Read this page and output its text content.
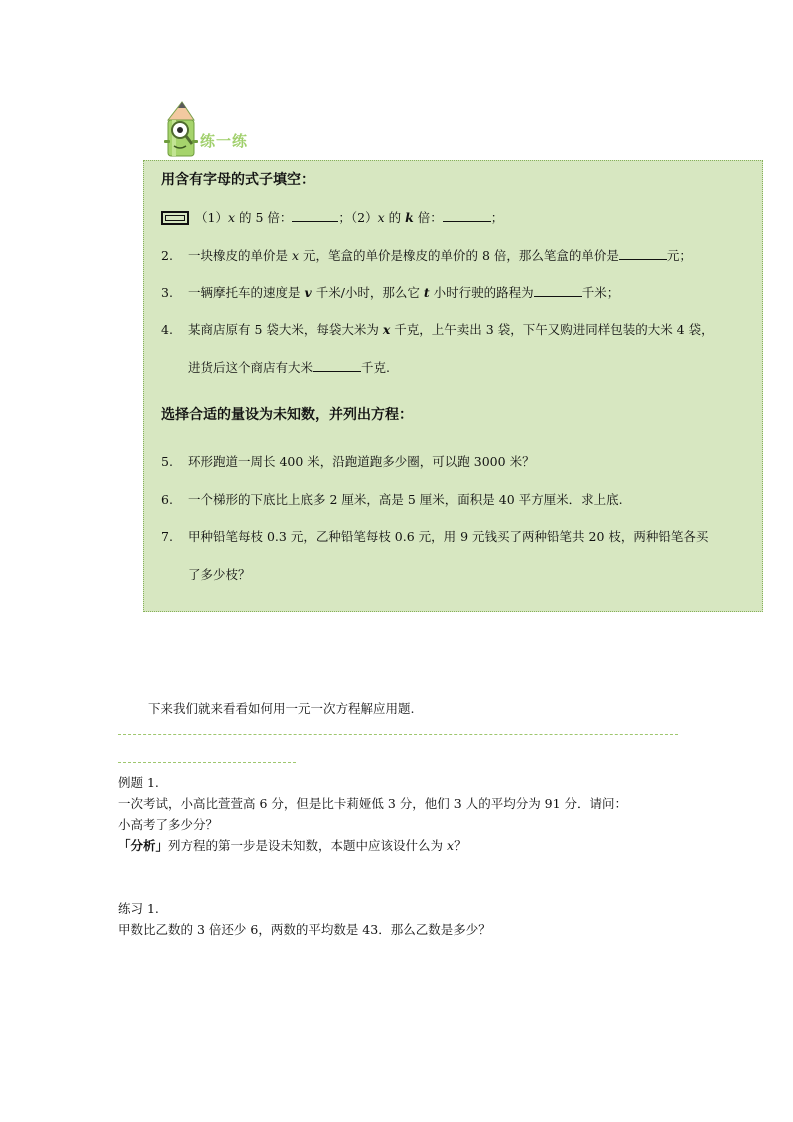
练一练
用含有字母的式子填空：
（1）x 的 5 倍：	；（2）x 的 k 倍：	；
2. 一块橡皮的单价是 x 元，笔盒的单价是橡皮的单价的 8 倍，那么笔盒的单价是	元；
3. 一辆摩托车的速度是 v 千米/小时，那么它 t 小时行驶的路程为	千米；
4. 某商店原有 5 袋大米，每袋大米为 x 千克，上午卖出 3 袋，下午又购进同样包装的大米 4 袋，
进货后这个商店有大米	千克.
选择合适的量设为未知数，并列出方程：
5. 环形跑道一周长 400 米，沿跑道跑多少圈，可以跑 3000 米？
6. 一个梯形的下底比上底多 2 厘米，高是 5 厘米，面积是 40 平方厘米．求上底.
7. 甲种铅笔每枝 0.3 元，乙种铅笔每枝 0.6 元，用 9 元钱买了两种铅笔共 20 枝，两种铅笔各买
了多少枝？
下来我们就来看看如何用一元一次方程解应用题.
例题 1.
一次考试，小高比萱萱高 6 分，但是比卡莉娅低 3 分，他们 3 人的平均分为 91 分．请问：
小高考了多少分？
「分析」列方程的第一步是设未知数，本题中应该设什么为 x？
练习 1.
甲数比乙数的 3 倍还少 6，两数的平均数是 43．那么乙数是多少？
